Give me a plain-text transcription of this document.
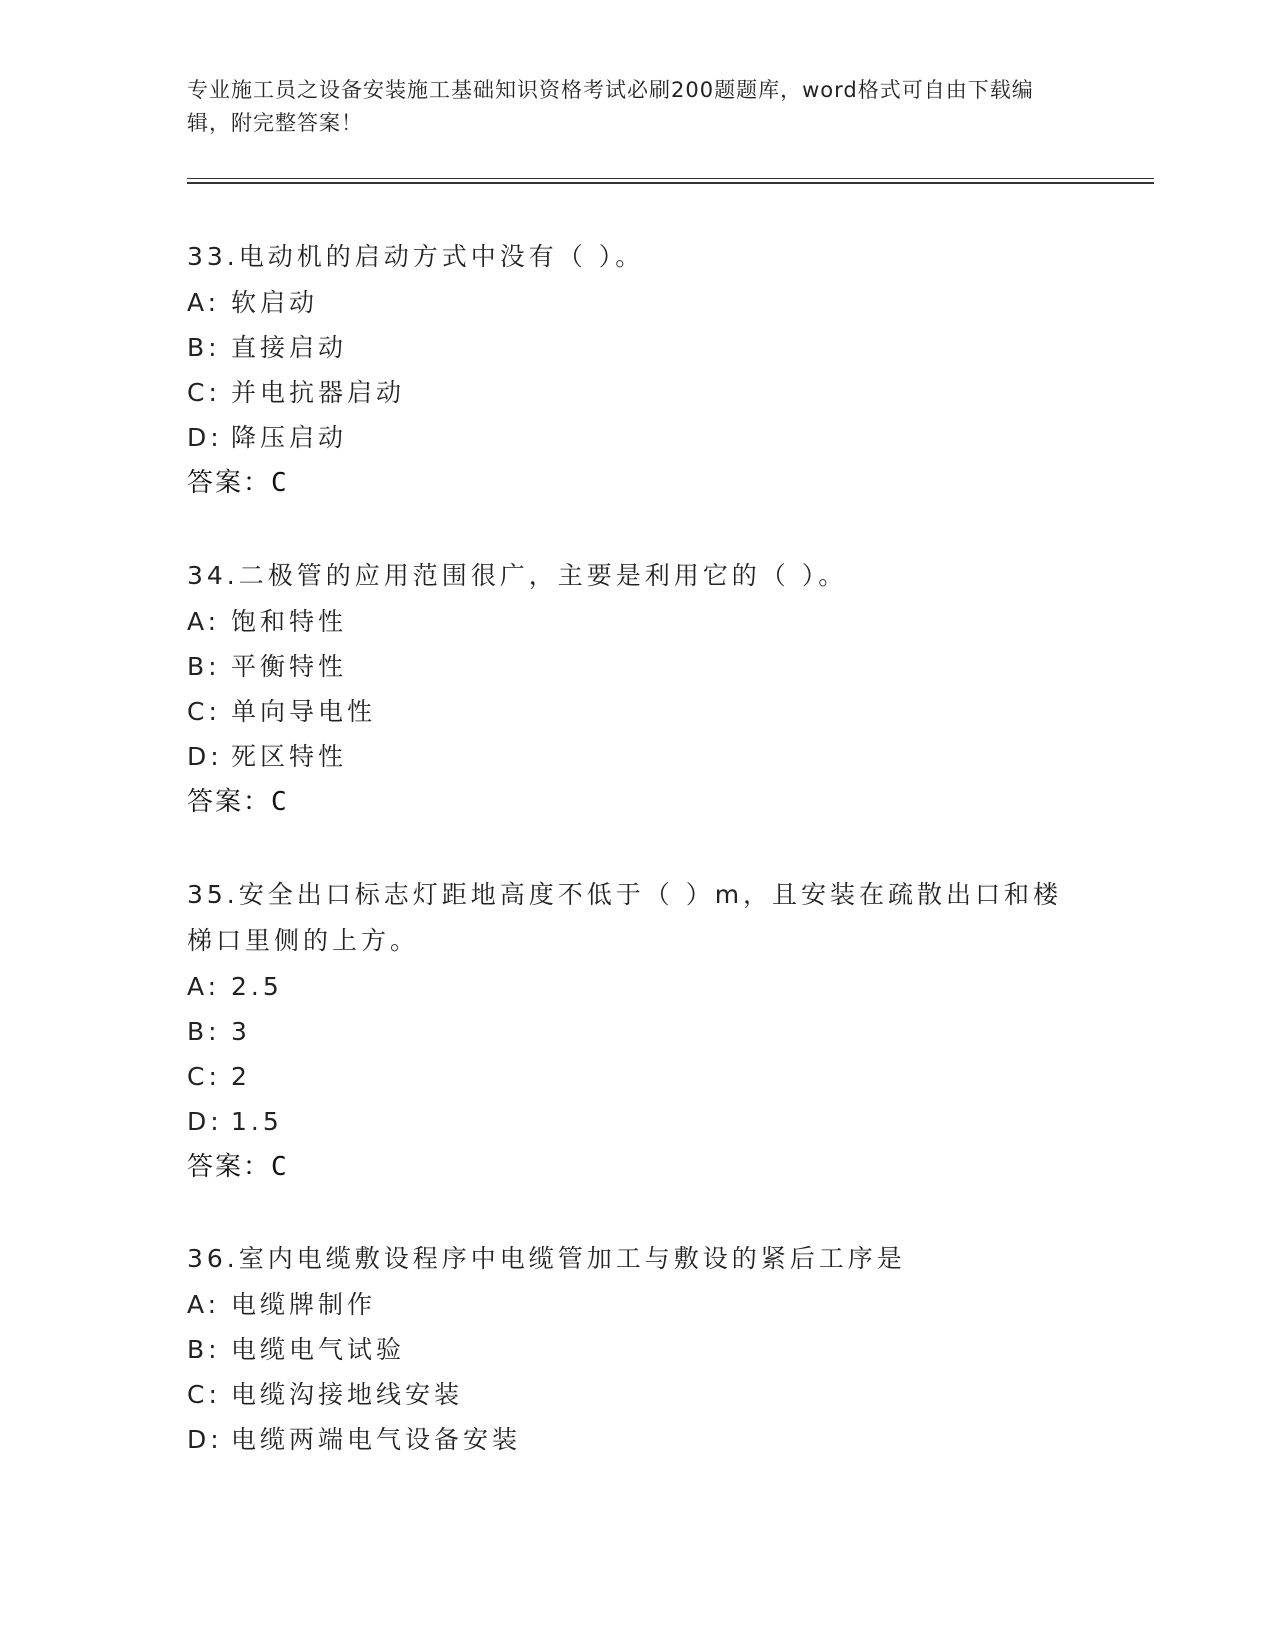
专业施工员之设备安装施工基础知识资格考试必刷200题题库，word格式可自由下载编辑，附完整答案！
33.电动机的启动方式中没有（ ）。
A: 软启动
B: 直接启动
C: 并电抗器启动
D: 降压启动
答案：C
34.二极管的应用范围很广，主要是利用它的（ ）。
A: 饱和特性
B: 平衡特性
C: 单向导电性
D: 死区特性
答案：C
35.安全出口标志灯距地高度不低于（ ）m，且安装在疏散出口和楼梯口里侧的上方。
A: 2.5
B: 3
C: 2
D: 1.5
答案：C
36.室内电缆敷设程序中电缆管加工与敷设的紧后工序是
A: 电缆牌制作
B: 电缆电气试验
C: 电缆沟接地线安装
D: 电缆两端电气设备安装
